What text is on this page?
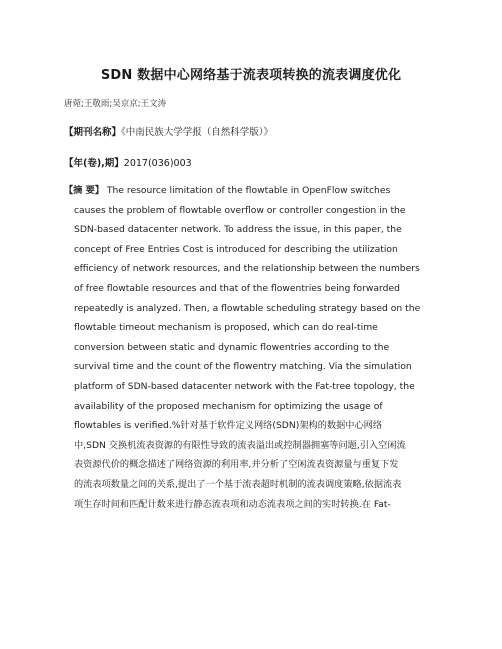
SDN 数据中心网络基于流表项转换的流表调度优化
唐菀;王敬雨;吴京京;王文涛
【期刊名称】《中南民族大学学报（自然科学版）》
【年(卷),期】2017(036)003
【摘 要】 The resource limitation of the flowtable in OpenFlow switches
causes the problem of flowtable overflow or controller congestion in the
SDN-based datacenter network. To address the issue, in this paper, the
concept of Free Entries Cost is introduced for describing the utilization
efficiency of network resources, and the relationship between the numbers
of free flowtable resources and that of the flowentries being forwarded
repeatedly is analyzed. Then, a flowtable scheduling strategy based on the
flowtable timeout mechanism is proposed, which can do real-time
conversion between static and dynamic flowentries according to the
survival time and the count of the flowentry matching. Via the simulation
platform of SDN-based datacenter network with the Fat-tree topology, the
availability of the proposed mechanism for optimizing the usage of
flowtables is verified.%针对基于软件定义网络(SDN)架构的数据中心网络
中,SDN 交换机流表资源的有限性导致的流表溢出或控制器拥塞等问题,引入空闲流
表资源代价的概念描述了网络资源的利用率,并分析了空闲流表资源量与重复下发
的流表项数量之间的关系,提出了一个基于流表超时机制的流表调度策略,依据流表
项生存时间和匹配计数来进行静态流表项和动态流表项之间的实时转换.在 Fat-
